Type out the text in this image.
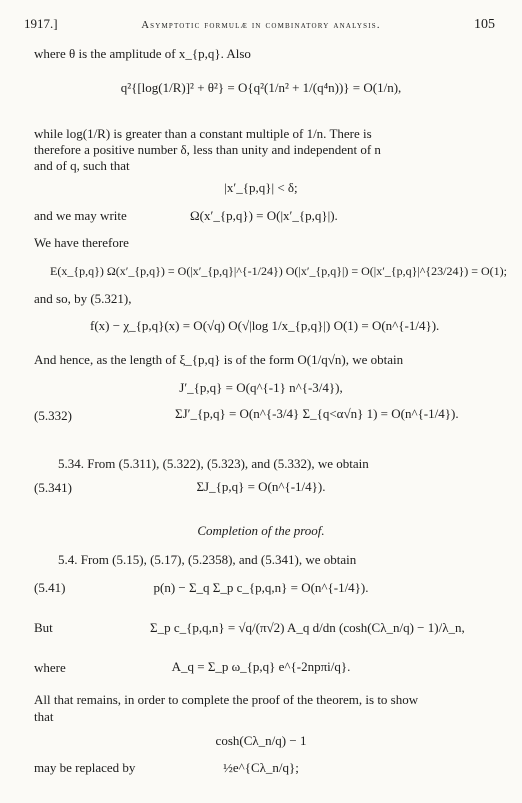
1917.]	Asymptotic formulæ in combinatory analysis.	105
where θ is the amplitude of x_{p,q}. Also
q²{[log(1/R)]² + θ²} = O{q²(1/n² + 1/(q⁴n))} = O(1/n),
while log(1/R) is greater than a constant multiple of 1/n. There is
therefore a positive number δ, less than unity and independent of n
and of q, such that
|x′_{p,q}| < δ;
and we may write	Ω(x′_{p,q}) = O(|x′_{p,q}|).
We have therefore
E(x_{p,q}) Ω(x′_{p,q}) = O(|x′_{p,q}|^{-1/24}) O(|x′_{p,q}|) = O(|x′_{p,q}|^{23/24}) = O(1);
and so, by (5.321),
f(x) − χ_{p,q}(x) = O(√q) O(√|log 1/x_{p,q}|) O(1) = O(n^{-1/4}).
And hence, as the length of ξ_{p,q} is of the form O(1/q√n), we obtain
J′_{p,q} = O(q^{-1} n^{-3/4}),
(5.332)	ΣJ′_{p,q} = O(n^{-3/4} Σ_{q<α√n} 1) = O(n^{-1/4}).
5.34. From (5.311), (5.322), (5.323), and (5.332), we obtain
(5.341)	ΣJ_{p,q} = O(n^{-1/4}).
Completion of the proof.
5.4. From (5.15), (5.17), (5.2358), and (5.341), we obtain
(5.41)	p(n) − Σ_q Σ_p c_{p,q,n} = O(n^{-1/4}).
But	Σ_p c_{p,q,n} = √q/(π√2) A_q d/dn (cosh(Cλ_n/q) − 1)/λ_n,
where	A_q = Σ_p ω_{p,q} e^{-2npπi/q}.
All that remains, in order to complete the proof of the theorem, is to show
that
cosh(Cλ_n/q) − 1
may be replaced by	½e^{Cλ_n/q};
